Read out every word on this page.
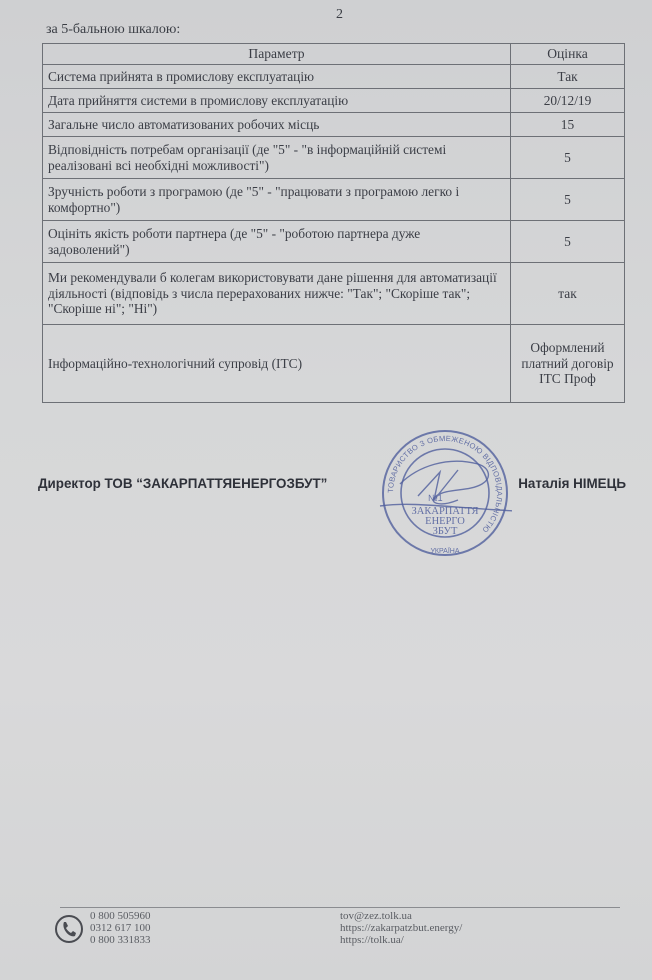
2
за 5-бальною шкалою:
Параметр	Оцінка
Система прийнята в промислову експлуатацію	Так
Дата прийняття системи в промислову експлуатацію	20/12/19
Загальне число автоматизованих робочих місць	15
Відповідність потребам організації (де "5" - "в інформаційній системі реалізовані всі необхідні можливості")	5
Зручність роботи з програмою (де "5" - "працювати з програмою легко і комфортно")	5
Оцініть якість роботи партнера (де "5" - "роботою партнера дуже задоволений")	5
Ми рекомендували б колегам використовувати дане рішення для автоматизації діяльності (відповідь з числа перерахованих нижче: "Так"; "Скоріше так"; "Скоріше ні"; "Ні")	так
Інформаційно-технологічний супровід (ІТС)	Оформлений платний договір ІТС Проф
Директор ТОВ “ЗАКАРПАТТЯЕНЕРГОЗБУТ”	Наталія НІМЕЦЬ
ТОВАРИСТВО З ОБМЕЖЕНОЮ ВІДПОВІДАЛЬНІСТЮ
№1
ЗАКАРПАТТЯ
ЕНЕРГО
ЗБУТ
УКРАЇНА
0 800 505960
0312 617 100
0 800 331833
tov@zez.tolk.ua
https://zakarpatzbut.energy/
https://tolk.ua/
